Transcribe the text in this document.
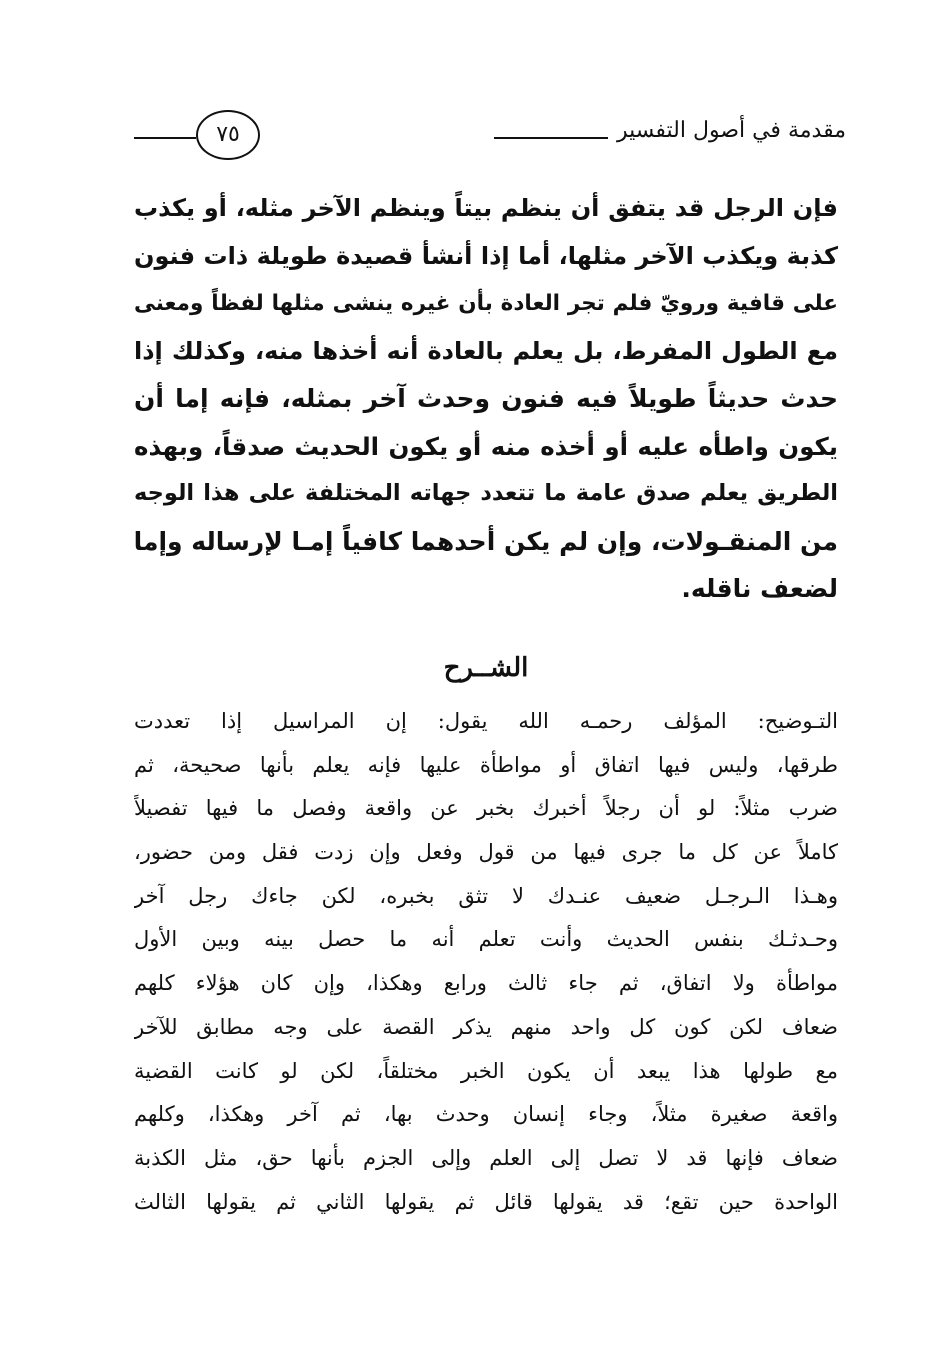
مقدمة في أصول التفسير
٧٥
فإن الرجل قد يتفق أن ينظم بيتاً وينظم الآخر مثله، أو يكذب
كذبة ويكذب الآخر مثلها، أما إذا أنشأ قصيدة طويلة ذات فنون
على قافية ورويّ فلم تجر العادة بأن غيره ينشى مثلها لفظاً ومعنى
مع الطول المفرط، بل يعلم بالعادة أنه أخذها منه، وكذلك إذا
حدث حديثاً طويلاً فيه فنون وحدث آخر بمثله، فإنه إما أن
يكون واطأه عليه أو أخذه منه أو يكون الحديث صدقاً، وبهذه
الطريق يعلم صدق عامة ما تتعدد جهاته المختلفة على هذا الوجه
من المنقـولات، وإن لم يكن أحدهما كافياً إمـا لإرساله وإما
لضعف ناقله.
الشــرح
التـوضيح: المؤلف رحمـه الله يقول: إن المراسيل إذا تعددت
طرقها، وليس فيها اتفاق أو مواطأة عليها فإنه يعلم بأنها صحيحة، ثم
ضرب مثلاً: لو أن رجلاً أخبرك بخبر عن واقعة وفصل ما فيها تفصيلاً
كاملاً عن كل ما جرى فيها من قول وفعل وإن زدت فقل ومن حضور،
وهـذا الـرجـل ضعيف عنـدك لا تثق بخبره، لكن جاءك رجل آخر
وحـدثـك بنفس الحديث وأنت تعلم أنه ما حصل بينه وبين الأول
مواطأة ولا اتفاق، ثم جاء ثالث ورابع وهكذا، وإن كان هؤلاء كلهم
ضعاف لكن كون كل واحد منهم يذكر القصة على وجه مطابق للآخر
مع طولها هذا يبعد أن يكون الخبر مختلقاً، لكن لو كانت القضية
واقعة صغيرة مثلاً، وجاء إنسان وحدث بها، ثم آخر وهكذا، وكلهم
ضعاف فإنها قد لا تصل إلى العلم وإلى الجزم بأنها حق، مثل الكذبة
الواحدة حين تقع؛ قد يقولها قائل ثم يقولها الثاني ثم يقولها الثالث
